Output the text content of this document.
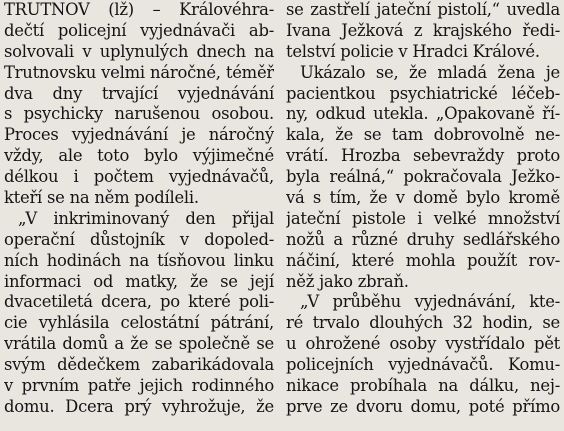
TRUTNOV (lž) – Královéhra-
dečtí policejní vyjednávači ab-
solvovali v uplynulých dnech na
Trutnovsku velmi náročné, téměř
dva dny trvající vyjednávání
s psychicky narušenou osobou.
Proces vyjednávání je náročný
vždy, ale toto bylo výjimečné
délkou i počtem vyjednávačů,
kteří se na něm podíleli.
„V inkriminovaný den přijal
operační důstojník v dopoled-
ních hodinách na tísňovou linku
informaci od matky, že se její
dvacetiletá dcera, po které poli-
cie vyhlásila celostátní pátrání,
vrátila domů a že se společně se
svým dědečkem zabarikádovala
v prvním patře jejich rodinného
domu. Dcera prý vyhrožuje, že
se zastřelí jateční pistolí,“ uvedla
Ivana Ježková z krajského ředi-
telství policie v Hradci Králové.
Ukázalo se, že mladá žena je
pacientkou psychiatrické léčeb-
ny, odkud utekla. „Opakovaně ří-
kala, že se tam dobrovolně ne-
vrátí. Hrozba sebevraždy proto
byla reálná,“ pokračovala Ježko-
vá s tím, že v domě bylo kromě
jateční pistole i velké množství
nožů a různé druhy sedlářského
náčiní, které mohla použít rov-
něž jako zbraň.
„V průběhu vyjednávání, kte-
ré trvalo dlouhých 32 hodin, se
u ohrožené osoby vystřídalo pět
policejních vyjednávačů. Komu-
nikace probíhala na dálku, nej-
prve ze dvoru domu, poté přímo
